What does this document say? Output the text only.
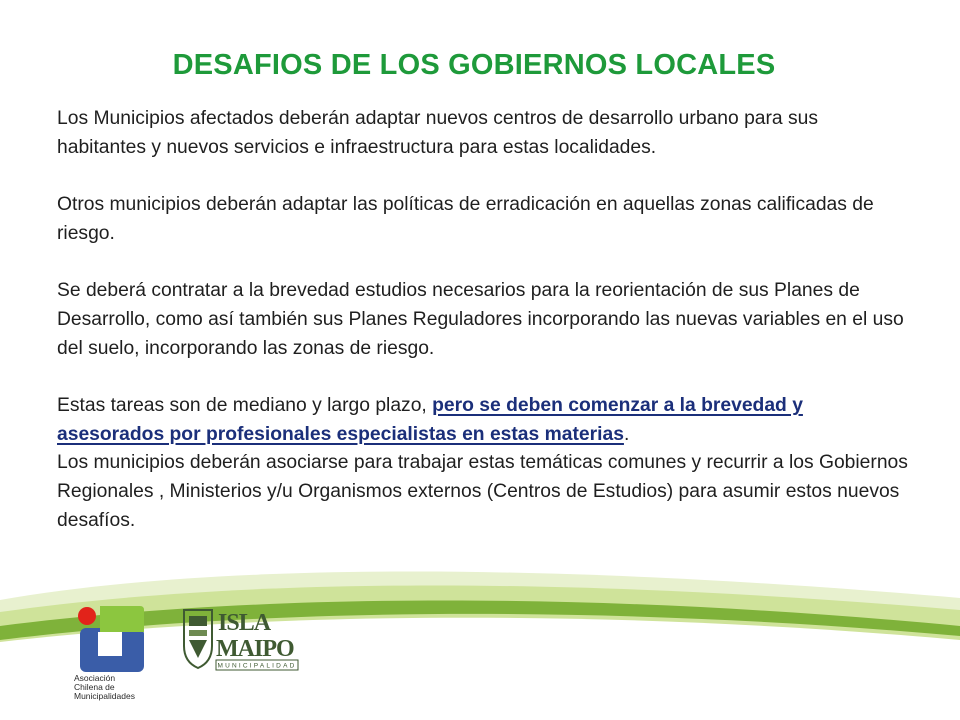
DESAFIOS DE LOS GOBIERNOS LOCALES

Los Municipios afectados deberán adaptar nuevos centros de desarrollo urbano para sus habitantes y nuevos servicios e infraestructura para estas localidades.

Otros municipios deberán adaptar las políticas de erradicación en aquellas zonas calificadas de riesgo.

Se deberá contratar a la brevedad estudios necesarios para la reorientación de sus Planes de Desarrollo, como así también sus Planes Reguladores incorporando las nuevas variables en el uso del suelo, incorporando las zonas de riesgo.

Estas tareas son de mediano y largo plazo, pero se deben comenzar a la brevedad y asesorados por profesionales especialistas en estas materias.
Los municipios deberán asociarse para trabajar estas temáticas comunes y recurrir a los Gobiernos Regionales , Ministerios y/u Organismos externos (Centros de Estudios) para asumir estos nuevos desafíos.

Asociación
Chilena de
Municipalidades
ISLA
MAIPO
MUNICIPALIDAD
